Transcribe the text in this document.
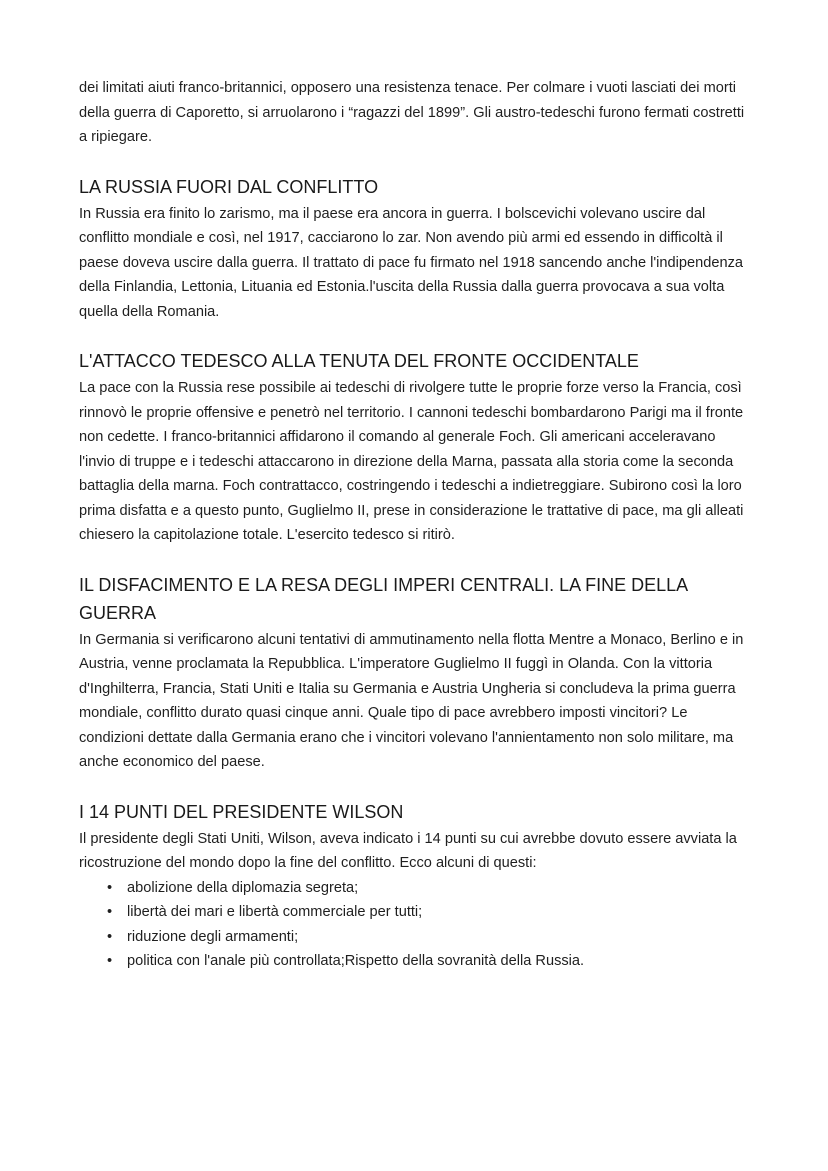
dei limitati aiuti franco-britannici, opposero una resistenza tenace. Per colmare i vuoti lasciati dei morti della guerra di Caporetto, si arruolarono i “ragazzi del 1899”. Gli austro-tedeschi furono fermati costretti a ripiegare.

LA RUSSIA FUORI DAL CONFLITTO

In Russia era finito lo zarismo, ma il paese era ancora in guerra. I bolscevichi volevano uscire dal conflitto mondiale e così, nel 1917, cacciarono lo zar. Non avendo più armi ed essendo in difficoltà il paese doveva uscire dalla guerra. Il trattato di pace fu firmato nel 1918 sancendo anche l'indipendenza della Finlandia, Lettonia, Lituania ed Estonia.l'uscita della Russia dalla guerra provocava a sua volta quella della Romania.

L'ATTACCO TEDESCO ALLA TENUTA DEL FRONTE OCCIDENTALE

La pace con la Russia rese possibile ai tedeschi di rivolgere tutte le proprie forze verso la Francia, così rinnovò le proprie offensive e penetrò nel territorio. I cannoni tedeschi bombardarono Parigi ma il fronte non cedette. I franco-britannici affidarono il comando al generale Foch. Gli americani acceleravano l'invio di truppe e i tedeschi attaccarono in direzione della Marna, passata alla storia come la seconda battaglia della marna. Foch contrattacco, costringendo i tedeschi a indietreggiare. Subirono così la loro prima disfatta e a questo punto, Guglielmo II, prese in considerazione le trattative di pace, ma gli alleati chiesero la capitolazione totale. L'esercito tedesco si ritirò.

IL DISFACIMENTO E LA RESA DEGLI IMPERI CENTRALI. LA FINE DELLA GUERRA

In Germania si verificarono alcuni tentativi di ammutinamento nella flotta Mentre a Monaco, Berlino e in Austria, venne proclamata la Repubblica. L'imperatore Guglielmo II fuggì in Olanda. Con la vittoria d'Inghilterra, Francia, Stati Uniti e Italia su Germania e Austria Ungheria si concludeva la prima guerra mondiale, conflitto durato quasi cinque anni. Quale tipo di pace avrebbero imposti vincitori? Le condizioni dettate dalla Germania erano che i vincitori volevano l'annientamento non solo militare, ma anche economico del paese.

I 14 PUNTI DEL PRESIDENTE WILSON

Il presidente degli Stati Uniti, Wilson, aveva indicato i 14 punti su cui avrebbe dovuto essere avviata la ricostruzione del mondo dopo la fine del conflitto. Ecco alcuni di questi:

• abolizione della diplomazia segreta;
• libertà dei mari e libertà commerciale per tutti;
• riduzione degli armamenti;
• politica con l'anale più controllata;Rispetto della sovranità della Russia.
